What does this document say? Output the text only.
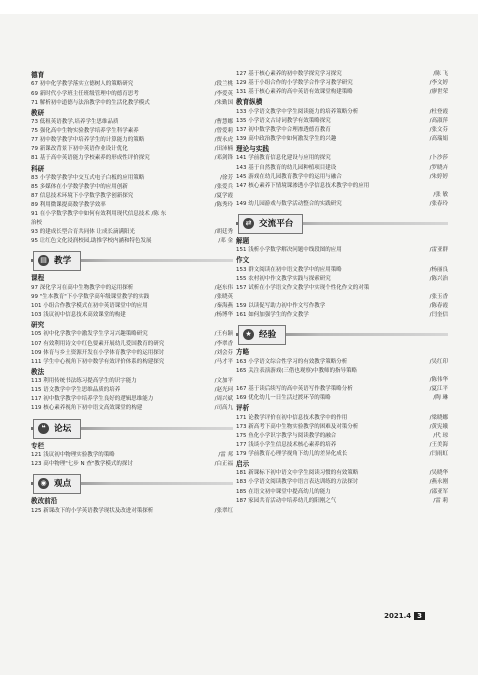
德育
67 初中化学教学落实立德树人的策略研究	/段兰桃
69 新时代小学班主任班级管理中的德育思考	/李爱英
71 解析初中道德与法治教学中的生活化教学模式	/朱勤国
教研
73 低租英语教学,培养学生思维品质	/曹慧娜
75 强化高中生物实验教学培养学生科学素养	/曾爱莉
77 初中数学教学中培养学生的计算能力的策略	/贾永虎
79 新课改背景下初中英语作业设计优化	/田沛楠
81 基于高中英语能力学校素养的形成性评价探究	/邓剑锋
科研
83 小学数学教学中交互式电子白板的应用策略	/徐芳
85 多媒体在小学数学教学中的应用创新	/张爱兵
87 信息技术环境下小学数学教学创新探究	/夏学霞
89 利用微课提高数学教学效率	/陈秀玲
91 在小学数学教学中如何有效利用现代信息技术 /陈 东
治校
93 的建成长型合育共同体 让成长滴满阳光	/胡廷秀
95 让红色文化浸润校园,助推学校内涵和特色发展	/邓 金
▤ 教学
课程
97 深化学习在高中生物教学中的运用探析	/赵东伟
99 "生本教育"下小学数学高年级课堂教学的实践	/张晓英
101 小组合作教学模式在初中英语课堂中的应用	/秦海燕
103 浅议初中信息技术高效课堂的构建	/杨博华
研究
105 初中化学教学中激发学生学习兴趣策略研究	/王有颖
107 有效利用诗文中红色要素开展幼儿爱国教育的研究	/李翠香
109 体育与乡土资源开发在小学体育教学中的运用探讨	/刘会芬
111 学生中心视角下初中数学有效评价体系的构建探究	/马才平
教法
113 利用传统书法练习提高学生的识字能力	/文加平
115 语文教学中学生思维品质的培养	/赵光珂
117 初中数学教学中培养学生良好的逻辑思维能力	/周兴斌
119 核心素养视角下初中语文高效课堂的构建	/司高九
❝ 论坛
专栏
121 浅议初中物理实验教学的策略	/雷 邦
123 高中物理"七步 N 查"教学模式的探讨	/白正福
◉ 观点
教改前沿
125 新课改下的小学英语教学现状及改进对策探析	/张翠红
127 基于核心素养的初中数学探究学习探究	/陈 飞
129 基于小组合作的小学数学合作学习教学研究	/李文婷
131 基于核心素养的高中英语有效课堂构建策略	/廖世荣
教育纵横
133 小学语文教学中学生阅读能力的培养策略分析	/杜登霞
135 小学语文古诗词教学有效策略探究	/高淑萍
137 初中数学教学中合理渗透德育教育	/张文芬
139 高中政治教学中如何激发学生的兴趣	/高瑞娟
理论与实践
141 学前教育信息化建设与应用的探究	/卜沙莎
143 基于自然教育的幼儿园种植项目建设	/罗晓卉
145 游戏在幼儿园教育教学中的运用与融合	/朱婷婷
147 核心素养下情境课渗透小学信息技术教学中的应用
/张 敏
149 幼儿园游戏与数学活动整合的实践研究	/张春玲
⇄ 交流平台
解题
151 浅析小学数学解决问题中线段图的应用	/雷亚群
作文
153 群文阅读在初中语文教学中的应用策略	/杨丽良
155 农村初中作文教学实践与探索研究	/陈兴治
157 试析在小学语文作文教学中实现个性化作文的对策
/张玉香
159 以读促写助力初中作文写作教学	/陈春霞
161 如何加强学生的作文教学	/闫奎信
★ 经验
方略
163 小学语文综合性学习的有效教学策略分析	/吴红印
165 关注表演游戏(三借也观察)中教师的指导策略
/陈伟华
167 基于读后续写的高中英语写作教学策略分析	/夏江平
169 优化幼儿一日生活过渡环节的策略	/陶 琳
评析
171 论教学评价在初中信息技术教学中的作用	/梁晓娜
173 新高考下高中生物实验教学的困难及对策分析	/黄宪娥
175 鱼化小学识字教学与阅读教学的融合	/代 琼
177 浅谈小学生信息技术核心素养的培养	/王美海
179 学前教育心理学视角下幼儿的差异化成长	/闫雨虹
启示
181 新课标下初中语文中学生阅读习惯的有效策略	/吴晓华
183 小学语文阅读教学中语言表达训练的方法探讨	/燕永刚
185 在语文初中课堂中提高幼儿的能力	/邵亚军
187 家园共育活动中培养幼儿的阳刚之气	/雷 莉
2021.4 3
